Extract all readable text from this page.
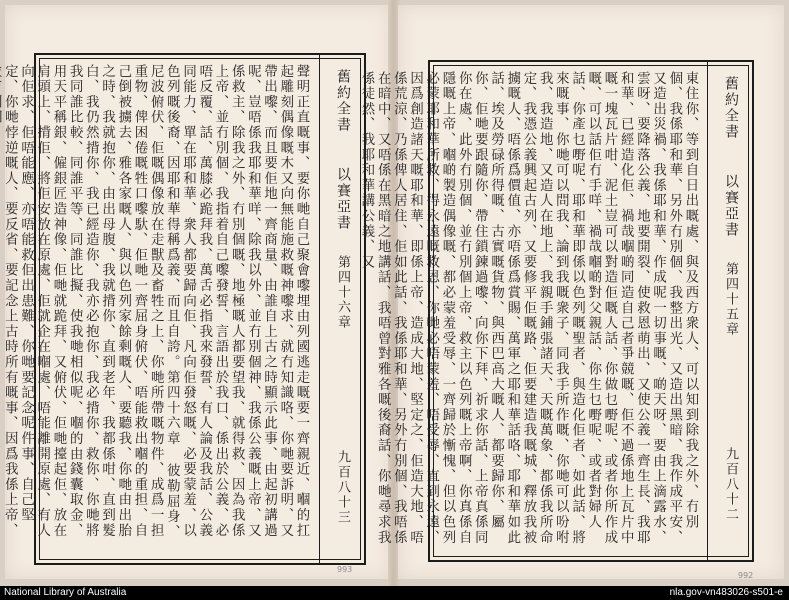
聲明正直嘅事、要你哋自己聚會嚟埋由列國逃走嘅要一齊親近、嗰的扛起雕刻偶像嘅木又向無能施救嘅神嚟求、就冇知識咯、你哋要訴明、又帶出嚟、而且要佢地一齊商量、由誰自上古之時顯示此事、由起初講過呢、豈唔係我耶和華咩、除我以外、並冇別個神、我係公義嘅上帝、又係救主、除我之外、冇別個嘅、地極嘅人都要望我、就得救、因為我係上帝、並冇別個、我指着自己嚟發誓、言語出於我口、係出於公義、必唔反覆、話、萬膝必跪拜我、萬舌必指我來發誓、有人論及我話、公義同能力、單在耶和華、衆人都要歸向佢、凡向佢發怒嘅、必要蒙羞、以色列嘅後裔、因耶和華得稱爲義、而且自誇。第四十六章 彼勒屈身、尼波俯伏、佢嘅偶像放在走獸及畜牲之上、你哋所帶嘅物件、成爲一担重物、俾困倦嘅牲口嚟馱、佢哋一齊屈身俯伏、唔能救出嗰的重担、自己倒被擄去、雅各家嘅人、與以色列家餘剩嘅人、要聽我、你哋由出胎之時、我就抱你、由出母腹、我就揹你、直到老年、我都係咁、直到髮白、我仍然揹你、我已經造你、我亦必抱你、我必揹你、救你、你哋將我同誰比較、同誰平等、同誰比擬、使我哋相似呢、嗰的由錢囊取金、用天平稱銀、僱銀匠造神像、佢哋就跪拜、又俯伏、佢哋擡起佢、放在肩頭上、揹佢、將佢安放在原處、佢就企在嗰處、唔能離開原處、有人向佢求、佢唔能應、亦唔能救佢出患難、你哋要記念呢件事、自己堅定、你哋悖逆嘅人、要反省、要記念上古時所有嘅事、因爲我係上帝、
舊約全書
以賽亞書
第四十六章
九百八十三
993
東住你、等到自日出嘅處、與及西方衆人、可以知到除我之外、冇別個、我係耶和華、另外冇別個、我整出光、又造出黑暗、我作成平安、又造出災禍、我係耶和華、作成呢一切事嘅、啲天呀、要由上滴露水、雲呀、要降落公義、地要開裂、使救恩萌出、又使公義一齊生長、我耶和華、已經造化佢、禍哉嗰啲同造自己者爭競嘅、佢不過係地上瓦片中嘅一塊瓦片咁、泥土豈可以對造佢嘅人話、你做乜嘢呢、或者你所作成嘅、可以話佢冇手咩、禍哉嗰啲對父親話、你生乜嘢呢、或者對婦人話、你產乜嘢呢、耶和華即係以色列嘅聖者、與造化佢者、如此話、將來嘅事、你哋可以問我、論到我嘅衆子、同我手所作嘅、你哋可以吩咐我、我造地、又造人在地上、我親手鋪張諸天、天嘅萬象、都係我所命定、我憑公義興起古列、又要修平佢嘅路、佢要建造我嘅城、釋放我被擄嘅人、唔係爲價值、亦唔係爲賞賜、萬軍之耶和華話咯、耶和華如此話、埃及勞碌所得嘅、古實嘅貨物、與西巴高大嘅人、都要歸你、屬你、佢哋要跟隨你、帶住鎖鍊過嚟、向你下拜、祈求你話、上帝真係同你在處、此外冇別個、並冇別個上帝、救主以色列嘅上帝啊、你真係自隱嘅上帝、嗰啲製造偶像嘅、都必蒙羞受辱、一齊歸於慚愧、但以色列必蒙耶和華所救、得永遠嘅救恩、你哋必唔蒙羞、唔受辱、直到永遠、因爲創造諸天嘅耶和華、即係上帝、造成大地、堅定之、佢造大地、唔係荒涼、乃係俾人居住、佢如此話、我係耶和華、另外冇別個、我唔係在暗中、又唔係在黑暗之地講話、我唔曾對雅各嘅後裔話、你哋尋求我係徒然、我耶和華講公義、又	舊約全書
以賽亞書
第四十五章
九百八十二
992
National Library of Australia	nla.gov-vn483026-s501-e
